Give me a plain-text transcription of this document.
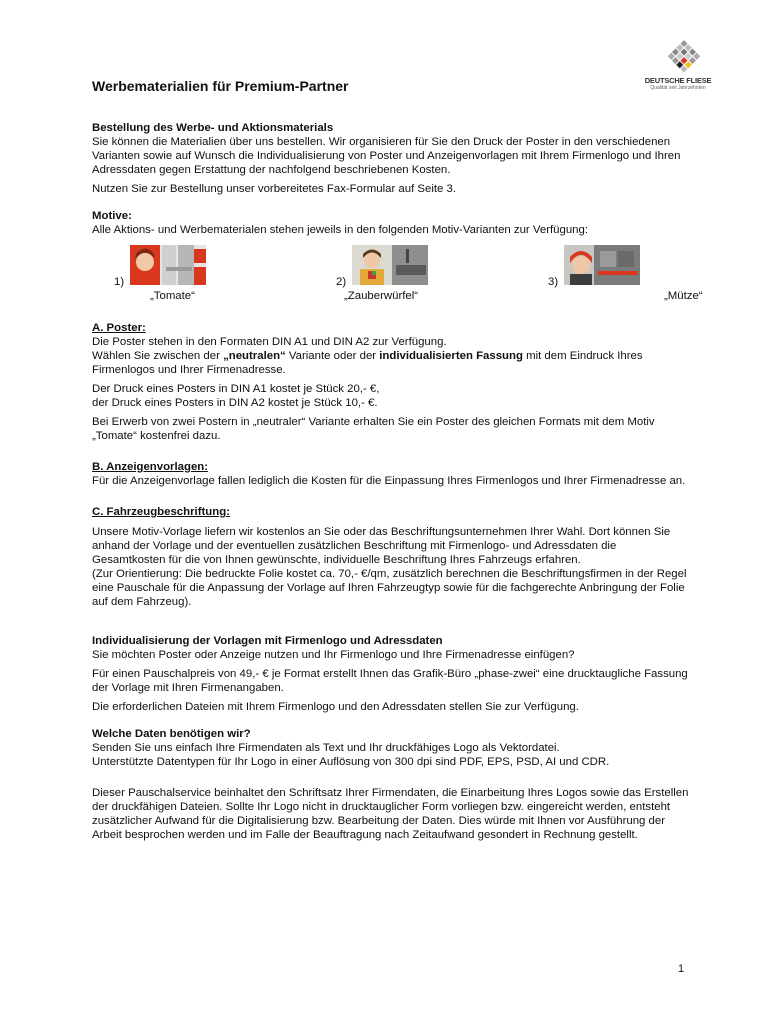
DEUTSCHE FLIESE
Qualität seit Jahrzehnten
Werbematerialien für Premium-Partner
Bestellung des Werbe- und Aktionsmaterials

Sie können die Materialien über uns bestellen. Wir organisieren für Sie den Druck der Poster in den verschiedenen Varianten sowie auf Wunsch die Individualisierung von Poster und Anzeigenvorlagen mit Ihrem Firmenlogo und Ihren Adressdaten gegen Erstattung der nachfolgend beschriebenen Kosten.

Nutzen Sie zur Bestellung unser vorbereitetes Fax-Formular auf Seite 3.

Motive:

Alle Aktions- und Werbematerialen stehen jeweils in den folgenden Motiv-Varianten zur Verfügung:

1)
„Tomate“
2)
„Zauberwürfel“
3)
„Mütze“
A. Poster:

Die Poster stehen in den Formaten DIN A1 und DIN A2 zur Verfügung.

Wählen Sie zwischen der „neutralen“ Variante oder der individualisierten Fassung mit dem Eindruck Ihres Firmenlogos und Ihrer Firmenadresse.

Der Druck eines Posters in DIN A1 kostet je Stück 20,- €,
der Druck eines Posters in DIN A2 kostet je Stück 10,- €.

Bei Erwerb von zwei Postern in „neutraler“ Variante erhalten Sie ein Poster des gleichen Formats mit dem Motiv „Tomate“ kostenfrei dazu.

B. Anzeigenvorlagen:

Für die Anzeigenvorlage fallen lediglich die Kosten für die Einpassung Ihres Firmenlogos und Ihrer Firmenadresse an.

C. Fahrzeugbeschriftung:

Unsere Motiv-Vorlage liefern wir kostenlos an Sie oder das Beschriftungsunternehmen Ihrer Wahl. Dort können Sie anhand der Vorlage und der eventuellen zusätzlichen Beschriftung mit Firmenlogo- und Adressdaten die Gesamtkosten für die von Ihnen gewünschte, individuelle Beschriftung Ihres Fahrzeugs erfahren.

(Zur Orientierung: Die bedruckte Folie kostet ca. 70,- €/qm, zusätzlich berechnen die Beschriftungsfirmen in der Regel eine Pauschale für die Anpassung der Vorlage auf Ihren Fahrzeugtyp sowie für die fachgerechte Anbringung der Folie auf dem Fahrzeug).

Individualisierung der Vorlagen mit Firmenlogo und Adressdaten

Sie möchten Poster oder Anzeige nutzen und Ihr Firmenlogo und Ihre Firmenadresse einfügen?

Für einen Pauschalpreis von 49,- € je Format erstellt Ihnen das Grafik-Büro „phase-zwei“ eine drucktaugliche Fassung der Vorlage mit Ihren Firmenangaben.

Die erforderlichen Dateien mit Ihrem Firmenlogo und den Adressdaten stellen Sie zur Verfügung.

Welche Daten benötigen wir?

Senden Sie uns einfach Ihre Firmendaten als Text und Ihr druckfähiges Logo als Vektordatei.
Unterstützte Datentypen für Ihr Logo in einer Auflösung von 300 dpi sind PDF, EPS, PSD, AI und CDR.

Dieser Pauschalservice beinhaltet den Schriftsatz Ihrer Firmendaten, die Einarbeitung Ihres Logos sowie das Erstellen der druckfähigen Dateien. Sollte Ihr Logo nicht in drucktauglicher Form vorliegen bzw. eingereicht werden, entsteht zusätzlicher Aufwand für die Digitalisierung bzw. Bearbeitung der Daten. Dies würde mit Ihnen vor Ausführung der Arbeit besprochen werden und im Falle der Beauftragung nach Zeitaufwand gesondert in Rechnung gestellt.

1
